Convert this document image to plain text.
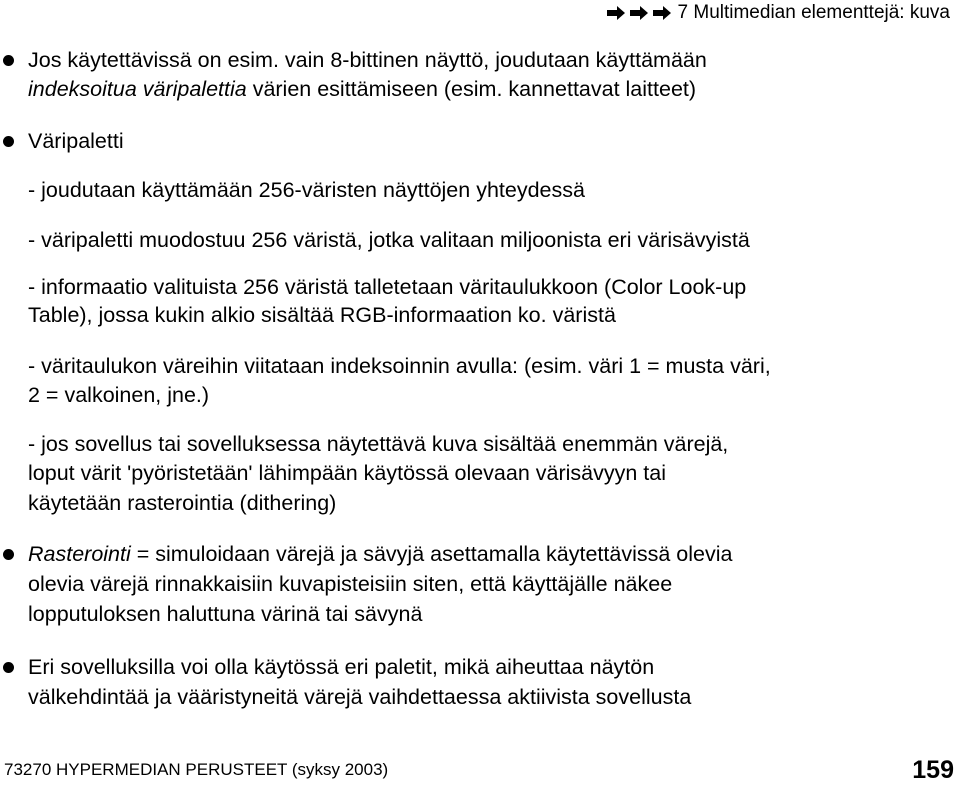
7 Multimedian elementtejä: kuva
Jos käytettävissä on esim. vain 8-bittinen näyttö, joudutaan käyttämään
indeksoitua väripalettia värien esittämiseen (esim. kannettavat laitteet)
Väripaletti
- joudutaan käyttämään 256-väristen näyttöjen yhteydessä
- väripaletti muodostuu 256 väristä, jotka valitaan miljoonista eri värisävyistä
- informaatio valituista 256 väristä talletetaan väritaulukkoon (Color Look-up
Table), jossa kukin alkio sisältää RGB-informaation ko. väristä
- väritaulukon väreihin viitataan indeksoinnin avulla: (esim. väri 1 = musta väri,
2 = valkoinen, jne.)
- jos sovellus tai sovelluksessa näytettävä kuva sisältää enemmän värejä,
loput värit 'pyöristetään' lähimpään käytössä olevaan värisävyyn tai
käytetään rasterointia (dithering)
Rasterointi = simuloidaan värejä ja sävyjä asettamalla käytettävissä olevia
olevia värejä rinnakkaisiin kuvapisteisiin siten, että käyttäjälle näkee
lopputuloksen haluttuna värinä tai sävynä
Eri sovelluksilla voi olla käytössä eri paletit, mikä aiheuttaa näytön
välkehdintää ja vääristyneitä värejä vaihdettaessa aktiivista sovellusta
73270 HYPERMEDIAN PERUSTEET (syksy 2003)	159
